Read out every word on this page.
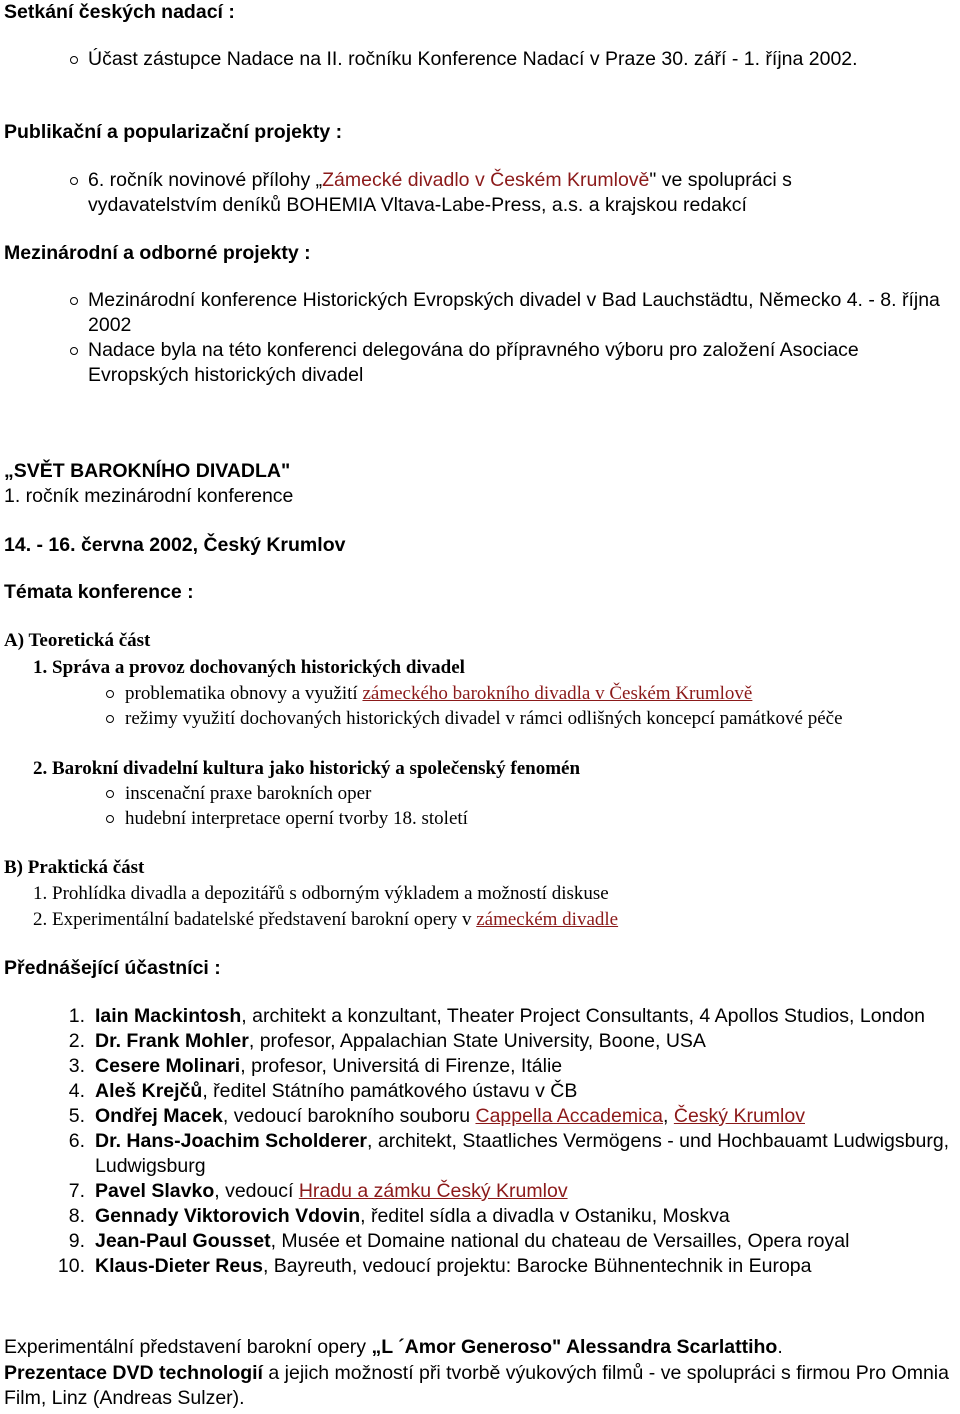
Setkání českých nadací :
Účast zástupce Nadace na II. ročníku Konference Nadací v Praze 30. září - 1. října 2002.
Publikační a popularizační projekty :
6. ročník novinové přílohy „Zámecké divadlo v Českém Krumlově" ve spolupráci s vydavatelstvím deníků BOHEMIA Vltava-Labe-Press, a.s. a krajskou redakcí
Mezinárodní a odborné projekty :
Mezinárodní konference Historických Evropských divadel v Bad Lauchstädtu, Německo 4. - 8. října 2002
Nadace byla na této konferenci delegována do přípravného výboru pro založení Asociace Evropských historických divadel
„SVĚT BAROKNÍHO DIVADLA"
1. ročník mezinárodní konference
14. - 16. června 2002, Český Krumlov
Témata konference :
A) Teoretická část
1. Správa a provoz dochovaných historických divadel
problematika obnovy a využití zámeckého barokního divadla v Českém Krumlově
režimy využití dochovaných historických divadel v rámci odlišných koncepcí památkové péče
2. Barokní divadelní kultura jako historický a společenský fenomén
inscenační praxe barokních oper
hudební interpretace operní tvorby 18. století
B) Praktická část
1. Prohlídka divadla a depozitářů s odborným výkladem a možností diskuse
2. Experimentální badatelské představení barokní opery v zámeckém divadle
Přednášející účastníci :
1. Iain Mackintosh, architekt a konzultant, Theater Project Consultants, 4 Apollos Studios, London
2. Dr. Frank Mohler, profesor, Appalachian State University, Boone, USA
3. Cesere Molinari, profesor, Universitá di Firenze, Itálie
4. Aleš Krejčů, ředitel Státního památkového ústavu v ČB
5. Ondřej Macek, vedoucí barokního souboru Cappella Accademica, Český Krumlov
6. Dr. Hans-Joachim Scholderer, architekt, Staatliches Vermögens - und Hochbauamt Ludwigsburg, Ludwigsburg
7. Pavel Slavko, vedoucí Hradu a zámku Český Krumlov
8. Gennady Viktorovich Vdovin, ředitel sídla a divadla v Ostaniku, Moskva
9. Jean-Paul Gousset, Musée et Domaine national du chateau de Versailles, Opera royal
10. Klaus-Dieter Reus, Bayreuth, vedoucí projektu: Barocke Bühnentechnik in Europa
Experimentální představení barokní opery „L ´Amor Generoso" Alessandra Scarlattiho.
Prezentace DVD technologií a jejich možností při tvorbě výukových filmů - ve spolupráci s firmou Pro Omnia Film, Linz (Andreas Sulzer).
